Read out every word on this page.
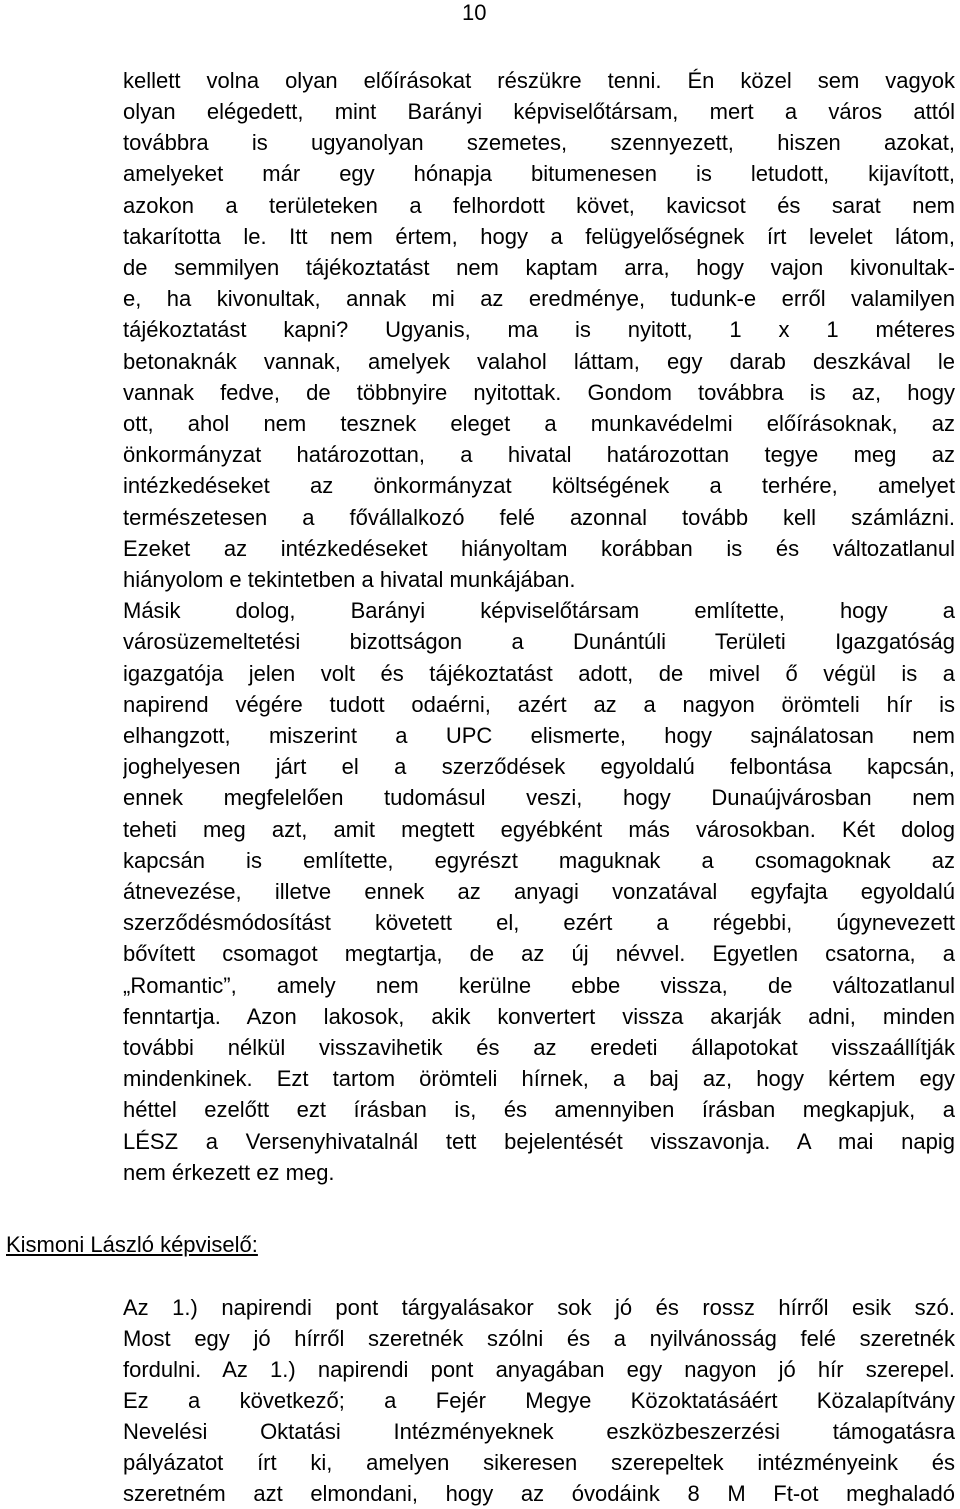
10
kellett volna olyan előírásokat részükre tenni. Én közel sem vagyok
olyan elégedett, mint Barányi képviselőtársam, mert a város attól
továbbra is ugyanolyan szemetes, szennyezett, hiszen azokat,
amelyeket már egy hónapja bitumenesen is letudott, kijavított,
azokon a területeken a felhordott követ, kavicsot és sarat nem
takarította le. Itt nem értem, hogy a felügyelőségnek írt levelet látom,
de semmilyen tájékoztatást nem kaptam arra, hogy vajon kivonultak-
e, ha kivonultak, annak mi az eredménye, tudunk-e erről valamilyen
tájékoztatást kapni? Ugyanis, ma is nyitott, 1 x 1 méteres
betonaknák vannak, amelyek valahol láttam, egy darab deszkával le
vannak fedve, de többnyire nyitottak. Gondom továbbra is az, hogy
ott, ahol nem tesznek eleget a munkavédelmi előírásoknak, az
önkormányzat határozottan, a hivatal határozottan tegye meg az
intézkedéseket az önkormányzat költségének a terhére, amelyet
természetesen a fővállalkozó felé azonnal tovább kell számlázni.
Ezeket az intézkedéseket hiányoltam korábban is és változatlanul
hiányolom e tekintetben a hivatal munkájában.
Másik dolog, Barányi képviselőtársam említette, hogy a
városüzemeltetési bizottságon a Dunántúli Területi Igazgatóság
igazgatója jelen volt és tájékoztatást adott, de mivel ő végül is a
napirend végére tudott odaérni, azért az a nagyon örömteli hír is
elhangzott, miszerint a UPC elismerte, hogy sajnálatosan nem
joghelyesen járt el a szerződések egyoldalú felbontása kapcsán,
ennek megfelelően tudomásul veszi, hogy Dunaújvárosban nem
teheti meg azt, amit megtett egyébként más városokban. Két dolog
kapcsán is említette, egyrészt maguknak a csomagoknak az
átnevezése, illetve ennek az anyagi vonzatával egyfajta egyoldalú
szerződésmódosítást követett el, ezért a régebbi, úgynevezett
bővített csomagot megtartja, de az új névvel. Egyetlen csatorna, a
„Romantic”, amely nem kerülne ebbe vissza, de változatlanul
fenntartja. Azon lakosok, akik konvertert vissza akarják adni, minden
további nélkül visszavihetik és az eredeti állapotokat visszaállítják
mindenkinek. Ezt tartom örömteli hírnek, a baj az, hogy kértem egy
héttel ezelőtt ezt írásban is, és amennyiben írásban megkapjuk, a
LÉSZ a Versenyhivatalnál tett bejelentését visszavonja. A mai napig
nem érkezett ez meg.
Kismoni László képviselő:
Az 1.) napirendi pont tárgyalásakor sok jó és rossz hírről esik szó.
Most egy jó hírről szeretnék szólni és a nyilvánosság felé szeretnék
fordulni. Az 1.) napirendi pont anyagában egy nagyon jó hír szerepel.
Ez a következő; a Fejér Megye Közoktatásáért Közalapítvány
Nevelési Oktatási Intézményeknek eszközbeszerzési támogatásra
pályázatot írt ki, amelyen sikeresen szerepeltek intézményeink és
szeretném azt elmondani, hogy az óvodáink 8 M Ft-ot meghaladó
